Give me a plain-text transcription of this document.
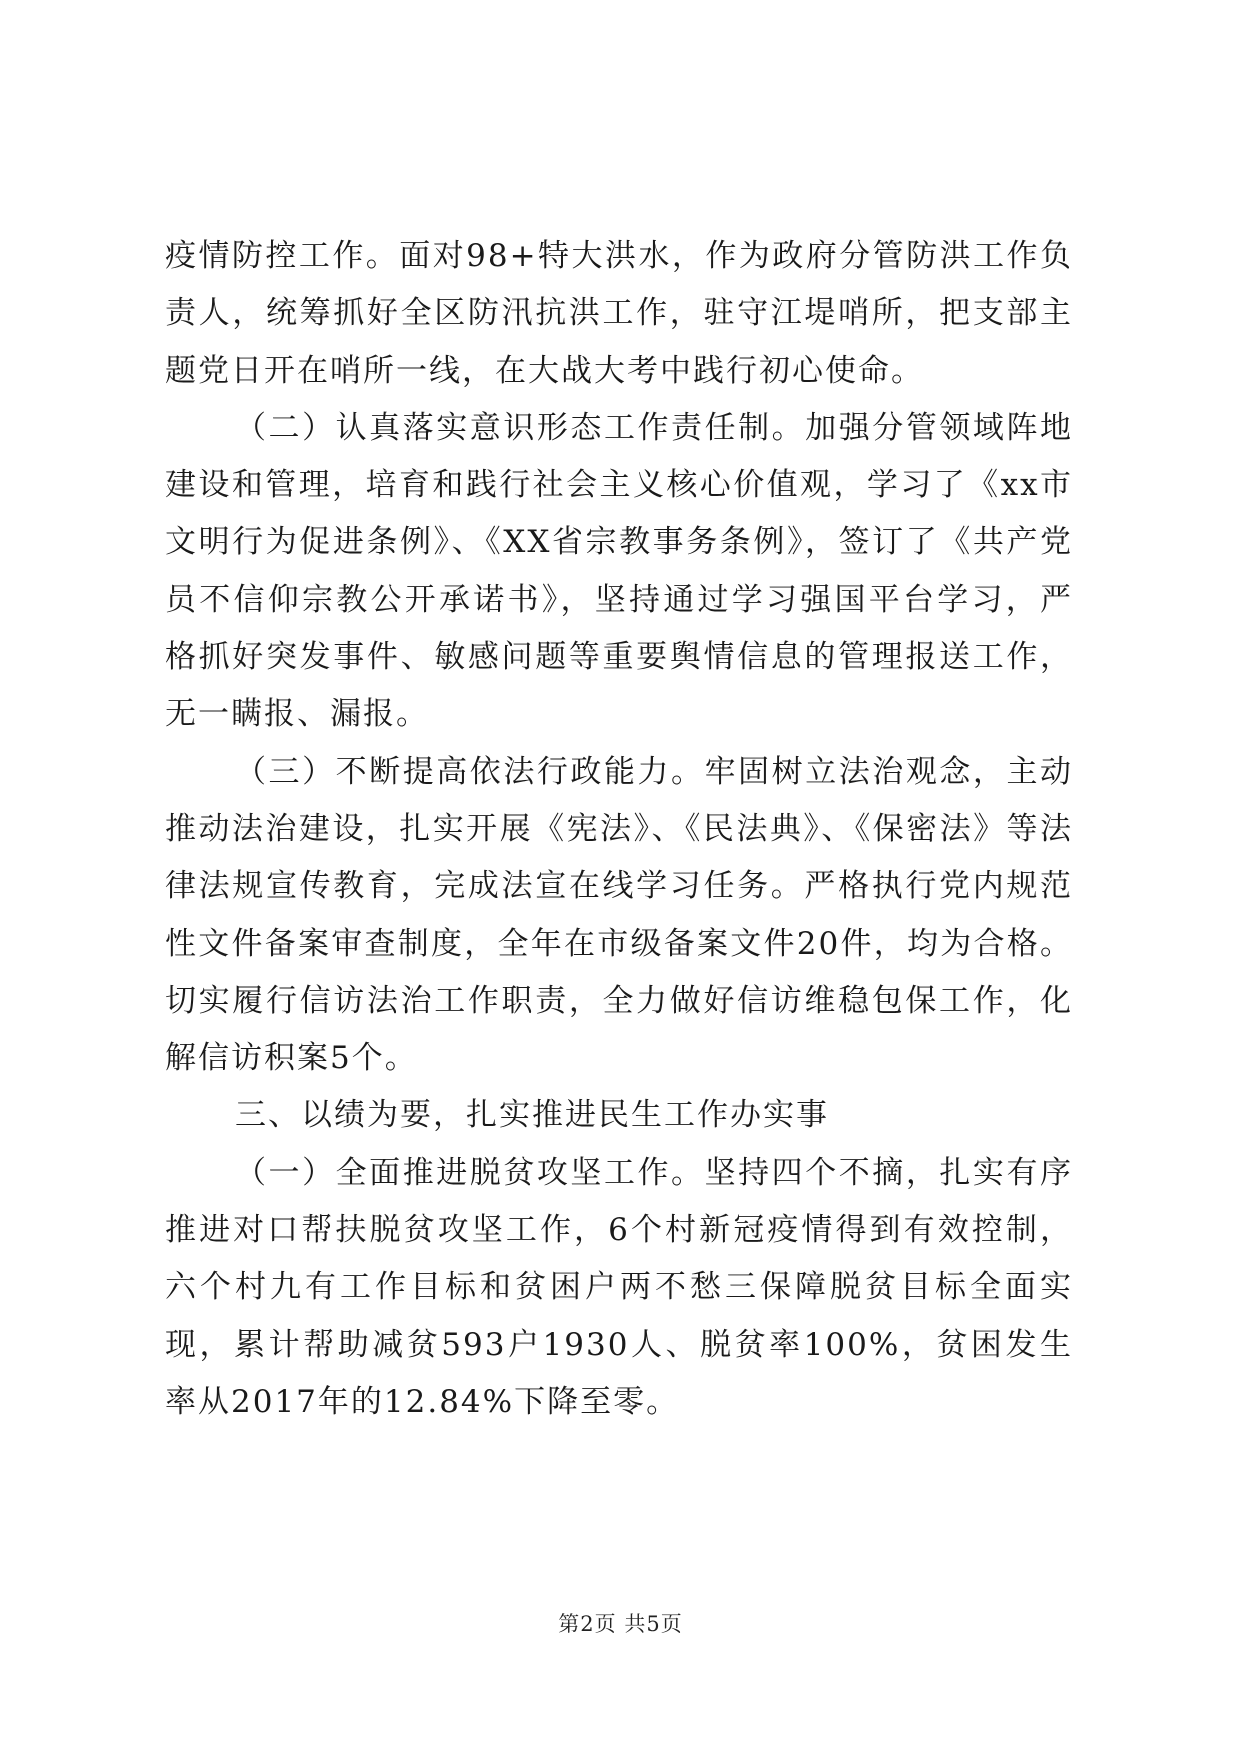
疫情防控工作。面对98+特大洪水，作为政府分管防洪工作负责人，统筹抓好全区防汛抗洪工作，驻守江堤哨所，把支部主题党日开在哨所一线，在大战大考中践行初心使命。

（二）认真落实意识形态工作责任制。加强分管领域阵地建设和管理，培育和践行社会主义核心价值观，学习了《xx市文明行为促进条例》、《XX省宗教事务条例》，签订了《共产党员不信仰宗教公开承诺书》，坚持通过学习强国平台学习，严格抓好突发事件、敏感问题等重要舆情信息的管理报送工作，无一瞒报、漏报。

（三）不断提高依法行政能力。牢固树立法治观念，主动推动法治建设，扎实开展《宪法》、《民法典》、《保密法》等法律法规宣传教育，完成法宣在线学习任务。严格执行党内规范性文件备案审查制度，全年在市级备案文件20件，均为合格。切实履行信访法治工作职责，全力做好信访维稳包保工作，化解信访积案5个。

三、以绩为要，扎实推进民生工作办实事

（一）全面推进脱贫攻坚工作。坚持四个不摘，扎实有序推进对口帮扶脱贫攻坚工作，6个村新冠疫情得到有效控制，六个村九有工作目标和贫困户两不愁三保障脱贫目标全面实现，累计帮助减贫593户1930人、脱贫率100%，贫困发生率从2017年的12.84%下降至零。

第2页 共5页
